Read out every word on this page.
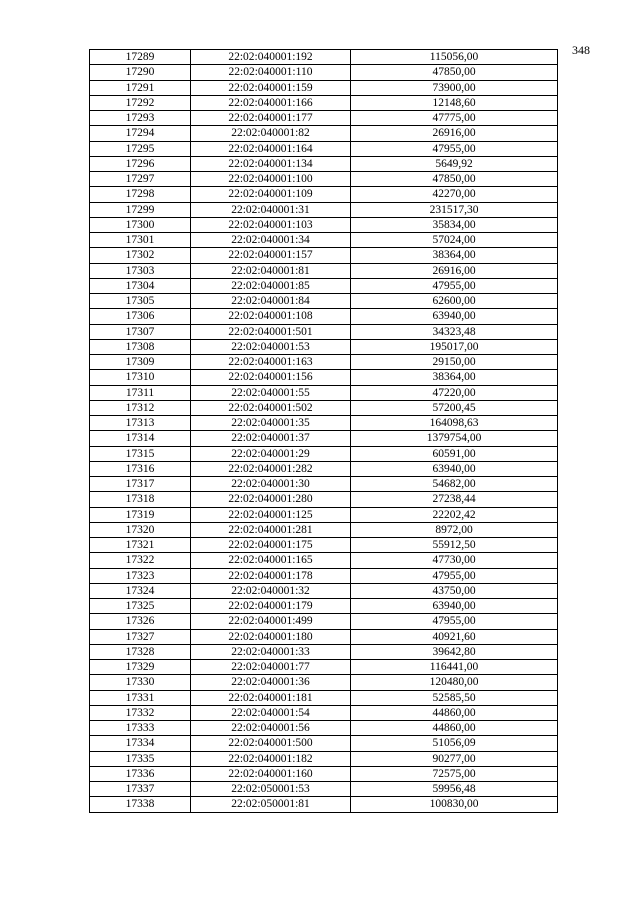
348
17289	22:02:040001:192	115056,00
17290	22:02:040001:110	47850,00
17291	22:02:040001:159	73900,00
17292	22:02:040001:166	12148,60
17293	22:02:040001:177	47775,00
17294	22:02:040001:82	26916,00
17295	22:02:040001:164	47955,00
17296	22:02:040001:134	5649,92
17297	22:02:040001:100	47850,00
17298	22:02:040001:109	42270,00
17299	22:02:040001:31	231517,30
17300	22:02:040001:103	35834,00
17301	22:02:040001:34	57024,00
17302	22:02:040001:157	38364,00
17303	22:02:040001:81	26916,00
17304	22:02:040001:85	47955,00
17305	22:02:040001:84	62600,00
17306	22:02:040001:108	63940,00
17307	22:02:040001:501	34323,48
17308	22:02:040001:53	195017,00
17309	22:02:040001:163	29150,00
17310	22:02:040001:156	38364,00
17311	22:02:040001:55	47220,00
17312	22:02:040001:502	57200,45
17313	22:02:040001:35	164098,63
17314	22:02:040001:37	1379754,00
17315	22:02:040001:29	60591,00
17316	22:02:040001:282	63940,00
17317	22:02:040001:30	54682,00
17318	22:02:040001:280	27238,44
17319	22:02:040001:125	22202,42
17320	22:02:040001:281	8972,00
17321	22:02:040001:175	55912,50
17322	22:02:040001:165	47730,00
17323	22:02:040001:178	47955,00
17324	22:02:040001:32	43750,00
17325	22:02:040001:179	63940,00
17326	22:02:040001:499	47955,00
17327	22:02:040001:180	40921,60
17328	22:02:040001:33	39642,80
17329	22:02:040001:77	116441,00
17330	22:02:040001:36	120480,00
17331	22:02:040001:181	52585,50
17332	22:02:040001:54	44860,00
17333	22:02:040001:56	44860,00
17334	22:02:040001:500	51056,09
17335	22:02:040001:182	90277,00
17336	22:02:040001:160	72575,00
17337	22:02:050001:53	59956,48
17338	22:02:050001:81	100830,00
